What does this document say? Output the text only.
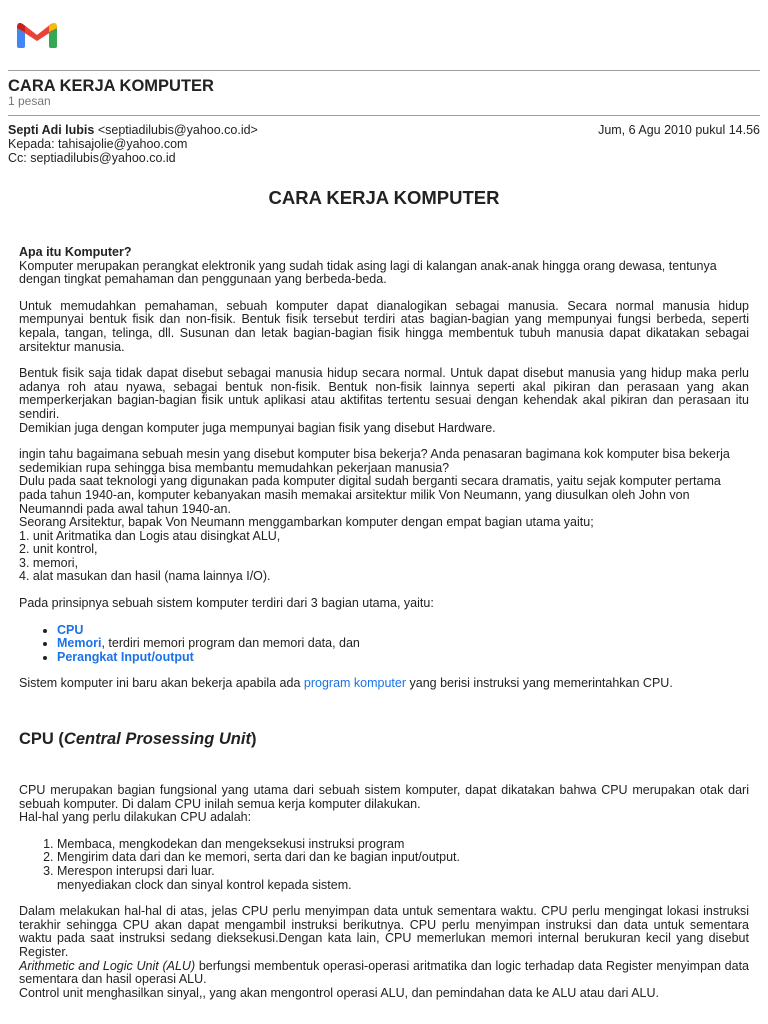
CARA KERJA KOMPUTER
1 pesan
Septi Adi lubis <septiadilubis@yahoo.co.id>	Jum, 6 Agu 2010 pukul 14.56
Kepada: tahisajolie@yahoo.com
Cc: septiadilubis@yahoo.co.id
CARA KERJA KOMPUTER

Apa itu Komputer?

Komputer merupakan perangkat elektronik yang sudah tidak asing lagi di kalangan anak-anak hingga orang dewasa, tentunya dengan tingkat pemahaman dan penggunaan yang berbeda-beda.

Untuk memudahkan pemahaman, sebuah komputer dapat dianalogikan sebagai manusia. Secara normal manusia hidup mempunyai bentuk fisik dan non-fisik. Bentuk fisik tersebut terdiri atas bagian-bagian yang mempunyai fungsi berbeda, seperti kepala, tangan, telinga, dll. Susunan dan letak bagian-bagian fisik hingga membentuk tubuh manusia dapat dikatakan sebagai arsitektur manusia.

Bentuk fisik saja tidak dapat disebut sebagai manusia hidup secara normal. Untuk dapat disebut manusia yang hidup maka perlu adanya roh atau nyawa, sebagai bentuk non-fisik. Bentuk non-fisik lainnya seperti akal pikiran dan perasaan yang akan memperkerjakan bagian-bagian fisik untuk aplikasi atau aktifitas tertentu sesuai dengan kehendak akal pikiran dan perasaan itu sendiri.

Demikian juga dengan komputer juga mempunyai bagian fisik yang disebut Hardware.

ingin tahu bagaimana sebuah mesin yang disebut komputer bisa bekerja? Anda penasaran bagimana kok komputer bisa bekerja sedemikian rupa sehingga bisa membantu memudahkan pekerjaan manusia?

Dulu pada saat teknologi yang digunakan pada komputer digital sudah berganti secara dramatis, yaitu sejak komputer pertama pada tahun 1940-an, komputer kebanyakan masih memakai arsitektur milik Von Neumann, yang diusulkan oleh John von Neumanndi pada awal tahun 1940-an.

Seorang Arsitektur, bapak Von Neumann menggambarkan komputer dengan empat bagian utama yaitu;

1. unit Aritmatika dan Logis atau disingkat ALU,

2. unit kontrol,

3. memori,

4. alat masukan dan hasil (nama lainnya I/O).

Pada prinsipnya sebuah sistem komputer terdiri dari 3 bagian utama, yaitu:

• CPU
• Memori, terdiri memori program dan memori data, dan
• Perangkat Input/output

Sistem komputer ini baru akan bekerja apabila ada program komputer yang berisi instruksi yang memerintahkan CPU.

CPU (Central Prosessing Unit)

CPU merupakan bagian fungsional yang utama dari sebuah sistem komputer, dapat dikatakan bahwa CPU merupakan otak dari sebuah komputer. Di dalam CPU inilah semua kerja komputer dilakukan.

Hal-hal yang perlu dilakukan CPU adalah:

1. Membaca, mengkodekan dan mengeksekusi instruksi program
2. Mengirim data dari dan ke memori, serta dari dan ke bagian input/output.
3. Merespon interupsi dari luar.

menyediakan clock dan sinyal kontrol kepada sistem.

Dalam melakukan hal-hal di atas, jelas CPU perlu menyimpan data untuk sementara waktu. CPU perlu mengingat lokasi instruksi terakhir sehingga CPU akan dapat mengambil instruksi berikutnya. CPU perlu menyimpan instruksi dan data untuk sementara waktu pada saat instruksi sedang dieksekusi.Dengan kata lain, CPU memerlukan memori internal berukuran kecil yang disebut Register.

Arithmetic and Logic Unit (ALU) berfungsi membentuk operasi-operasi aritmatika dan logic terhadap data Register menyimpan data sementara dan hasil operasi ALU.

Control unit menghasilkan sinyal,, yang akan mengontrol operasi ALU, dan pemindahan data ke ALU atau dari ALU.
